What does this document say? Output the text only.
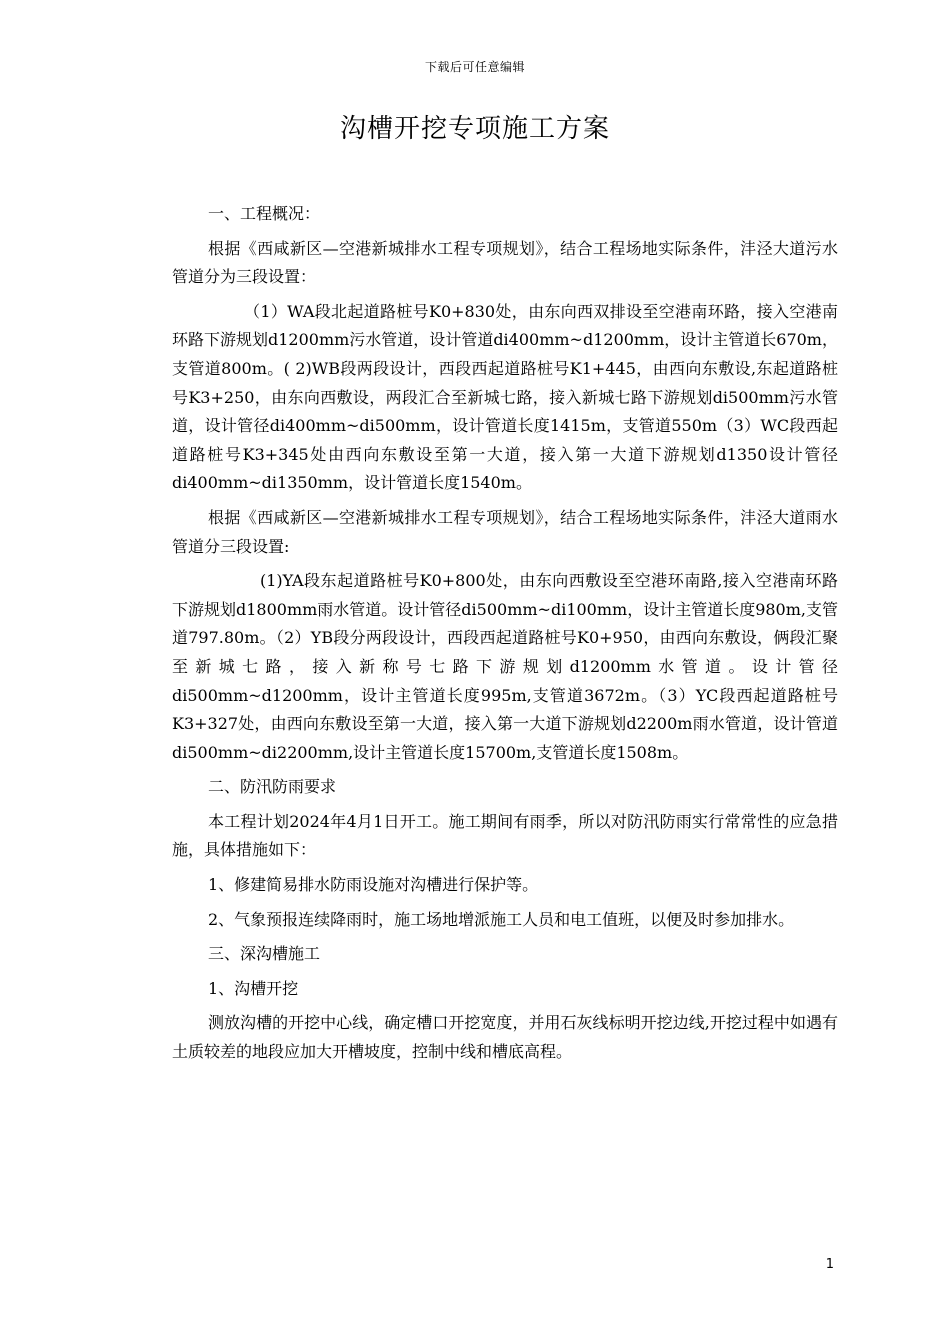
下载后可任意编辑
沟槽开挖专项施工方案

一、工程概况：

根据《西咸新区—空港新城排水工程专项规划》，结合工程场地实际条件，沣泾大道污水管道分为三段设置：

（1）WA段北起道路桩号K0+830处，由东向西双排设至空港南环路，接入空港南环路下游规划d1200mm污水管道，设计管道di400mm~d1200mm，设计主管道长670m，支管道800m。( 2)WB段两段设计，西段西起道路桩号K1+445，由西向东敷设,东起道路桩号K3+250，由东向西敷设，两段汇合至新城七路，接入新城七路下游规划di500mm污水管道，设计管径di400mm~di500mm，设计管道长度1415m，支管道550m（3）WC段西起道路桩号K3+345处由西向东敷设至第一大道，接入第一大道下游规划d1350设计管径di400mm~di1350mm，设计管道长度1540m。

根据《西咸新区—空港新城排水工程专项规划》，结合工程场地实际条件，沣泾大道雨水管道分三段设置:

(1)YA段东起道路桩号K0+800处，由东向西敷设至空港环南路,接入空港南环路下游规划d1800mm雨水管道。设计管径di500mm~di100mm，设计主管道长度980m,支管道797.80m。（2）YB段分两段设计，西段西起道路桩号K0+950，由西向东敷设，俩段汇聚至新城七路，接入新称号七路下游规划d1200mm水管道。设计管径di500mm~d1200mm，设计主管道长度995m,支管道3672m。（3）YC段西起道路桩号K3+327处，由西向东敷设至第一大道，接入第一大道下游规划d2200m雨水管道，设计管道di500mm~di2200mm,设计主管道长度15700m,支管道长度1508m。

二、防汛防雨要求

本工程计划2024年4月1日开工。施工期间有雨季，所以对防汛防雨实行常常性的应急措施，具体措施如下：

1、修建简易排水防雨设施对沟槽进行保护等。

2、气象预报连续降雨时，施工场地增派施工人员和电工值班，以便及时参加排水。

三、深沟槽施工

1、沟槽开挖

测放沟槽的开挖中心线，确定槽口开挖宽度，并用石灰线标明开挖边线,开挖过程中如遇有土质较差的地段应加大开槽坡度，控制中线和槽底高程。

1
